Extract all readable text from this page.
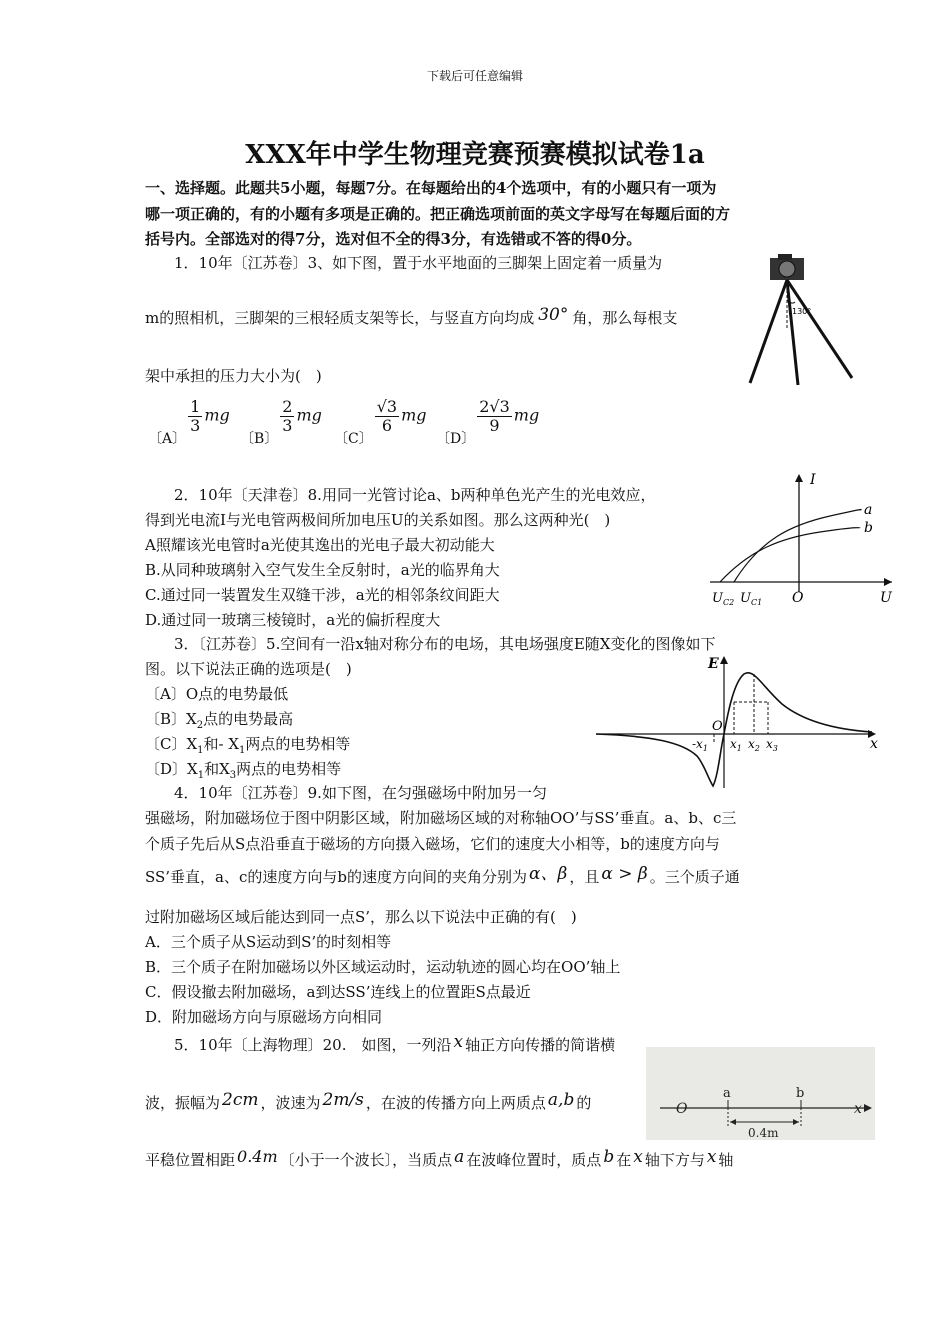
下载后可任意编辑
XXX年中学生物理竞赛预赛模拟试卷1a
一、选择题。此题共5小题，每题7分。在每题给出的4个选项中，有的小题只有一项为
哪一项正确的，有的小题有多项是正确的。把正确选项前面的英文字母写在每题后面的方
括号内。全部选对的得7分，选对但不全的得3分，有选错或不答的得0分。
1．10年〔江苏卷〕3、如下图，置于水平地面的三脚架上固定着一质量为
m的照相机，三脚架的三根轻质支架等长，与竖直方向均成 30° 角，那么每根支
架中承担的压力大小为(　)
130°
〔A〕
$\frac{1}{3}$ mg
〔B〕
$\frac{2}{3}$ mg
〔C〕
$\frac{√3}{6}$ mg
〔D〕
$\frac{2√3}{9}$ mg
2．10年〔天津卷〕8.用同一光管讨论a、b两种单色光产生的光电效应，
得到光电流I与光电管两极间所加电压U的关系如图。那么这两种光(　)
A照耀该光电管时a光使其逸出的光电子最大初动能大
B.从同种玻璃射入空气发生全反射时，a光的临界角大
C.通过同一装置发生双缝干涉，a光的相邻条纹间距大
D.通过同一玻璃三棱镜时，a光的偏折程度大
I
a
b
$U_{C2}$ $U_{C1}$ O	U
3．〔江苏卷〕5.空间有一沿x轴对称分布的电场，其电场强度E随X变化的图像如下
图。以下说法正确的选项是(　)
〔A〕O点的电势最低
〔B〕$X_2$点的电势最高
〔C〕$X_1$和- $X_1$两点的电势相等
〔D〕$X_1$和$X_3$两点的电势相等
E
O
x
$-x_1$ $x_1$ $x_2$ $x_3$
4．10年〔江苏卷〕9.如下图，在匀强磁场中附加另一匀
强磁场，附加磁场位于图中阴影区域，附加磁场区域的对称轴OO’与SS’垂直。a、b、c三
个质子先后从S点沿垂直于磁场的方向摄入磁场，它们的速度大小相等，b的速度方向与
SS’垂直，a、c的速度方向与b的速度方向间的夹角分别为 α、β ，且 α > β 。三个质子通
过附加磁场区域后能达到同一点S’，那么以下说法中正确的有(　)
A．三个质子从S运动到S’的时刻相等
B．三个质子在附加磁场以外区域运动时，运动轨迹的圆心均在OO’轴上
C．假设撤去附加磁场，a到达SS’连线上的位置距S点最近
D．附加磁场方向与原磁场方向相同
5．10年〔上海物理〕20.　如图，一列沿 x 轴正方向传播的简谐横
波，振幅为 2cm ，波速为 2m/s ，在波的传播方向上两质点 a,b 的
平稳位置相距 0.4m 〔小于一个波长〕，当质点 a 在波峰位置时，质点 b 在 x 轴下方与 x 轴
a	b
O	x
0.4m
